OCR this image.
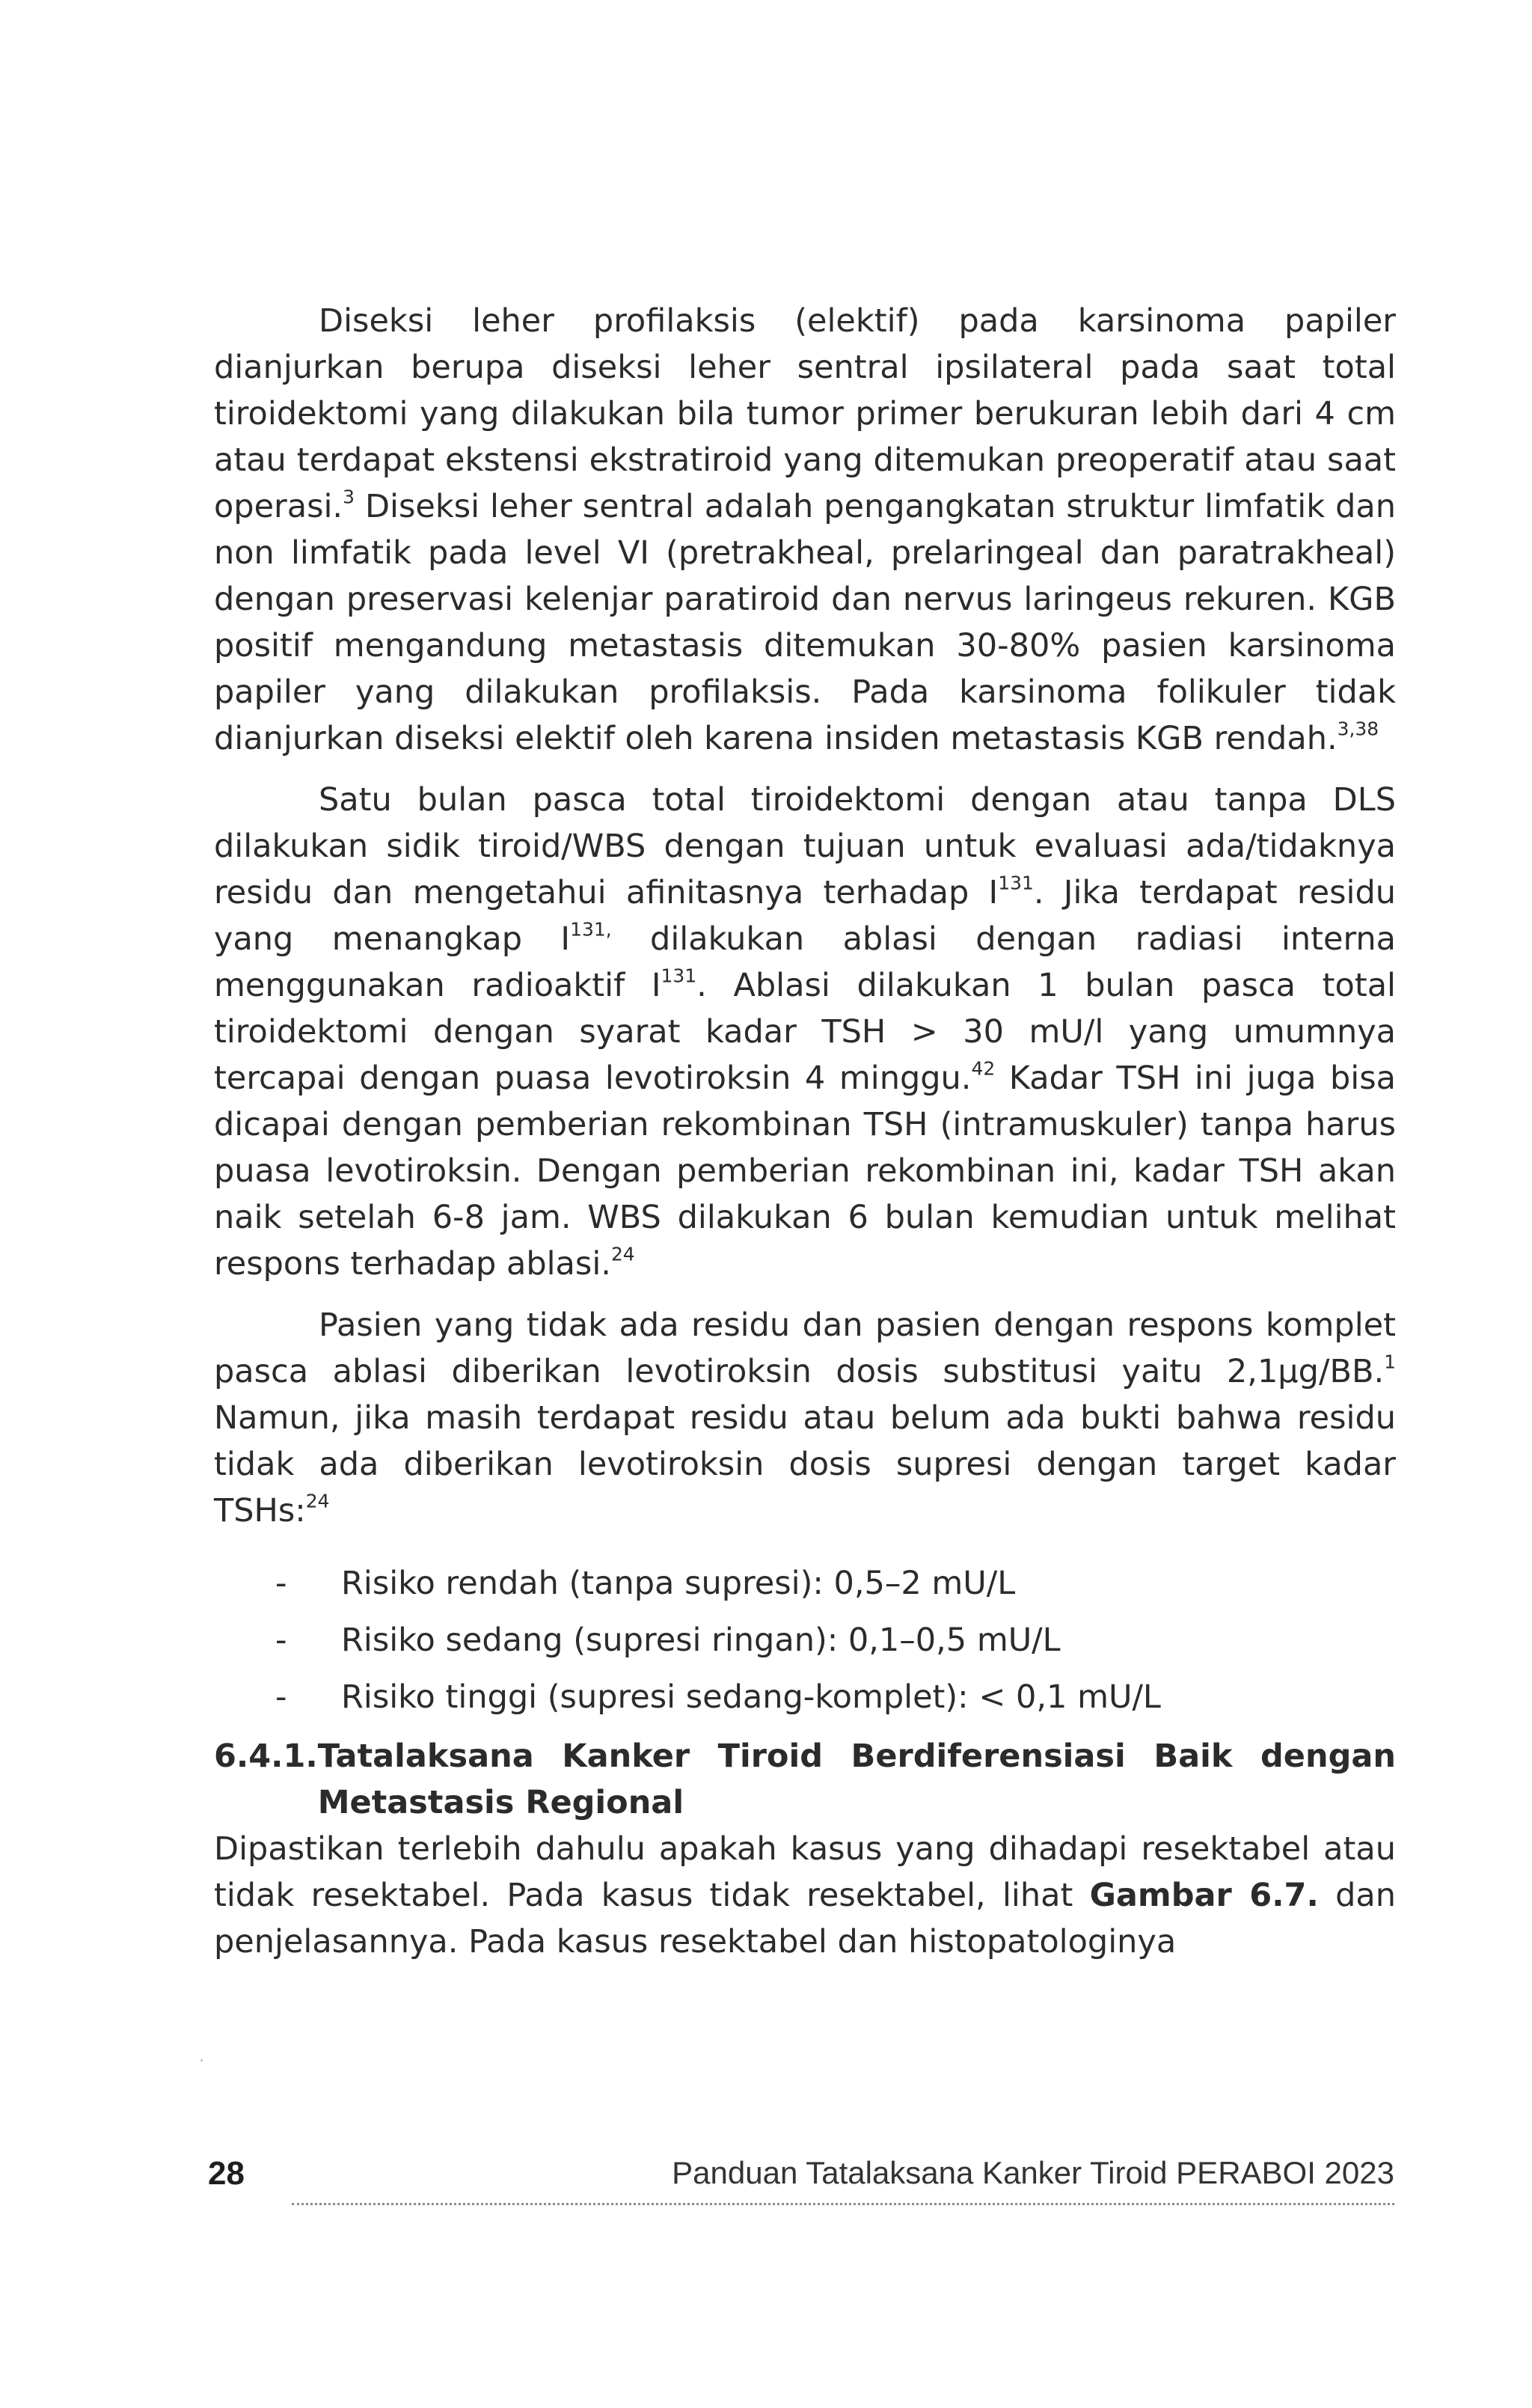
Diseksi leher profilaksis (elektif) pada karsinoma papiler dianjurkan berupa diseksi leher sentral ipsilateral pada saat total tiroidektomi yang dilakukan bila tumor primer berukuran lebih dari 4 cm atau terdapat ekstensi ekstratiroid yang ditemukan preoperatif atau saat operasi.$^3$ Diseksi leher sentral adalah pengangkatan struktur limfatik dan non limfatik pada level VI (pretrakheal, prelaringeal dan paratrakheal) dengan preservasi kelenjar paratiroid dan nervus laringeus rekuren. KGB positif mengandung metastasis ditemukan 30-80% pasien karsinoma papiler yang dilakukan profilaksis. Pada karsinoma folikuler tidak dianjurkan diseksi elektif oleh karena insiden metastasis KGB rendah.$^{3,38}$

Satu bulan pasca total tiroidektomi dengan atau tanpa DLS dilakukan sidik tiroid/WBS dengan tujuan untuk evaluasi ada/tidaknya residu dan mengetahui afinitasnya terhadap $I^{131}$. Jika terdapat residu yang menangkap $I^{131,}$ dilakukan ablasi dengan radiasi interna menggunakan radioaktif $I^{131}$. Ablasi dilakukan 1 bulan pasca total tiroidektomi dengan syarat kadar TSH > 30 mU/l yang umumnya tercapai dengan puasa levotiroksin 4 minggu.$^{42}$ Kadar TSH ini juga bisa dicapai dengan pemberian rekombinan TSH (intramuskuler) tanpa harus puasa levotiroksin. Dengan pemberian rekombinan ini, kadar TSH akan naik setelah 6-8 jam. WBS dilakukan 6 bulan kemudian untuk melihat respons terhadap ablasi.$^{24}$

Pasien yang tidak ada residu dan pasien dengan respons komplet pasca ablasi diberikan levotiroksin dosis substitusi yaitu 2,1µg/BB.$^1$ Namun, jika masih terdapat residu atau belum ada bukti bahwa residu tidak ada diberikan levotiroksin dosis supresi dengan target kadar TSHs:$^{24}$

- Risiko rendah (tanpa supresi): 0,5–2 mU/L
- Risiko sedang (supresi ringan): 0,1–0,5 mU/L
- Risiko tinggi (supresi sedang-komplet): < 0,1 mU/L
6.4.1. Tatalaksana Kanker Tiroid Berdiferensiasi Baik dengan Metastasis Regional

Dipastikan terlebih dahulu apakah kasus yang dihadapi resektabel atau tidak resektabel. Pada kasus tidak resektabel, lihat Gambar 6.7. dan penjelasannya. Pada kasus resektabel dan histopatologinya

28	Panduan Tatalaksana Kanker Tiroid PERABOI 2023
